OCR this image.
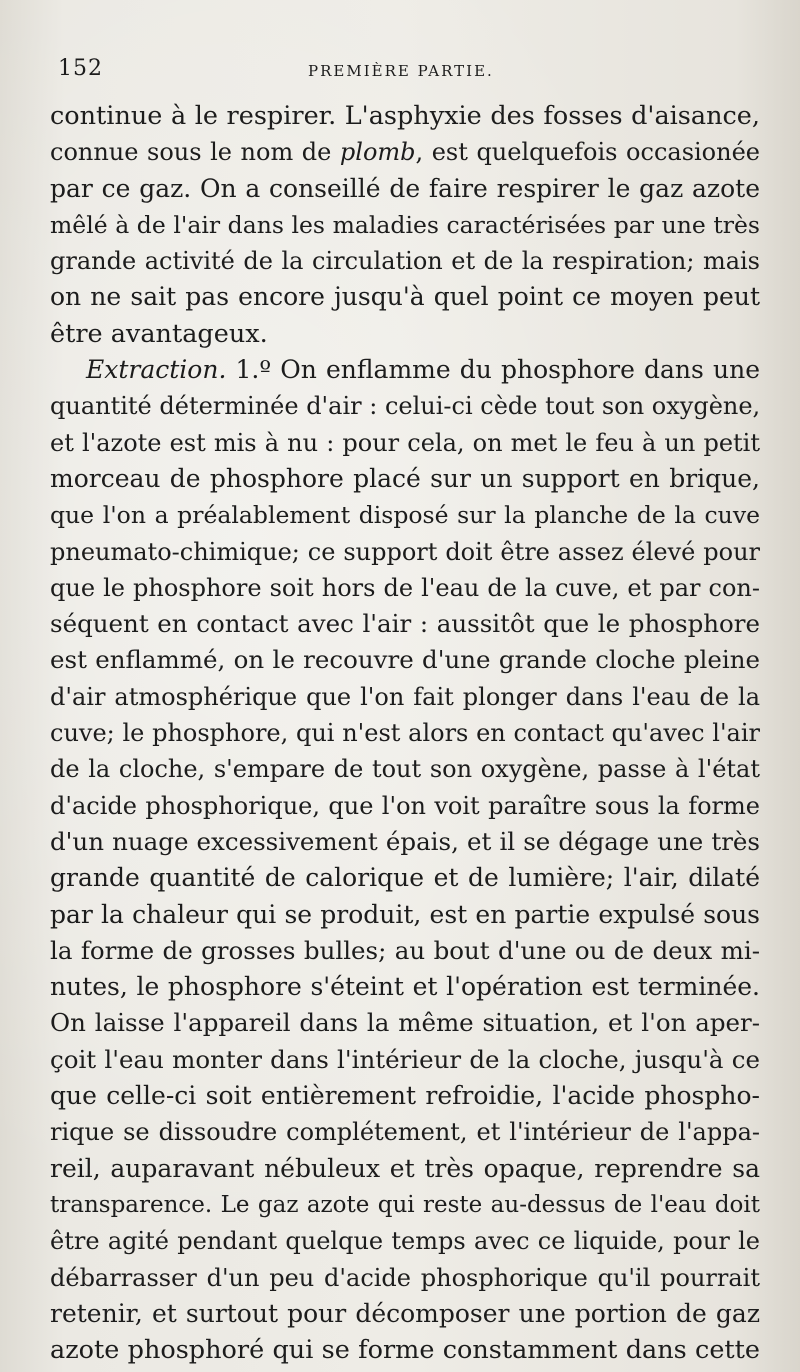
152	PREMIÈRE PARTIE.
continue à le respirer. L'asphyxie des fosses d'aisance,
connue sous le nom de plomb, est quelquefois occasionée
par ce gaz. On a conseillé de faire respirer le gaz azote
mêlé à de l'air dans les maladies caractérisées par une très
grande activité de la circulation et de la respiration; mais
on ne sait pas encore jusqu'à quel point ce moyen peut
être avantageux.
Extraction. 1.º On enflamme du phosphore dans une
quantité déterminée d'air : celui-ci cède tout son oxygène,
et l'azote est mis à nu : pour cela, on met le feu à un petit
morceau de phosphore placé sur un support en brique,
que l'on a préalablement disposé sur la planche de la cuve
pneumato-chimique; ce support doit être assez élevé pour
que le phosphore soit hors de l'eau de la cuve, et par con-
séquent en contact avec l'air : aussitôt que le phosphore
est enflammé, on le recouvre d'une grande cloche pleine
d'air atmosphérique que l'on fait plonger dans l'eau de la
cuve; le phosphore, qui n'est alors en contact qu'avec l'air
de la cloche, s'empare de tout son oxygène, passe à l'état
d'acide phosphorique, que l'on voit paraître sous la forme
d'un nuage excessivement épais, et il se dégage une très
grande quantité de calorique et de lumière; l'air, dilaté
par la chaleur qui se produit, est en partie expulsé sous
la forme de grosses bulles; au bout d'une ou de deux mi-
nutes, le phosphore s'éteint et l'opération est terminée.
On laisse l'appareil dans la même situation, et l'on aper-
çoit l'eau monter dans l'intérieur de la cloche, jusqu'à ce
que celle-ci soit entièrement refroidie, l'acide phospho-
rique se dissoudre complétement, et l'intérieur de l'appa-
reil, auparavant nébuleux et très opaque, reprendre sa
transparence. Le gaz azote qui reste au-dessus de l'eau doit
être agité pendant quelque temps avec ce liquide, pour le
débarrasser d'un peu d'acide phosphorique qu'il pourrait
retenir, et surtout pour décomposer une portion de gaz
azote phosphoré qui se forme constamment dans cette
